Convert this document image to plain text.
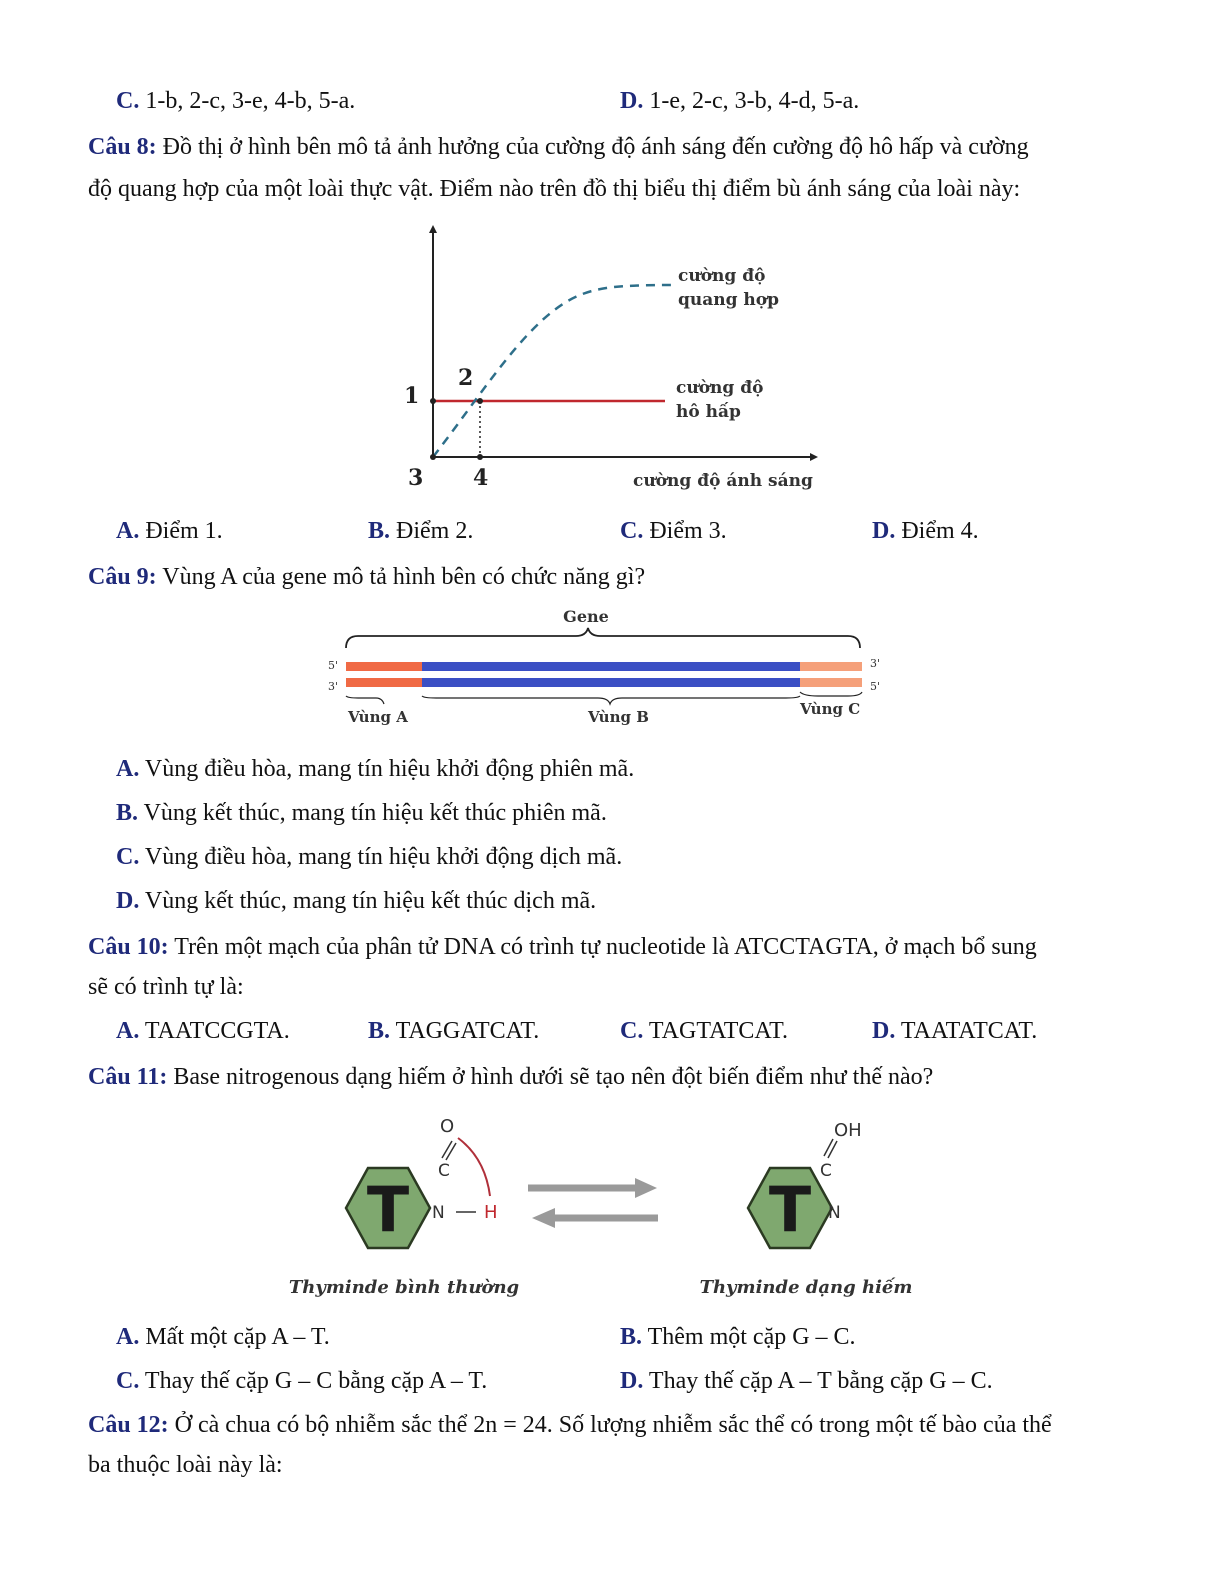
C. 1-b, 2-c, 3-e, 4-b, 5-a.	D. 1-e, 2-c, 3-b, 4-d, 5-a.
Câu 8: Đồ thị ở hình bên mô tả ảnh hưởng của cường độ ánh sáng đến cường độ hô hấp và cường
độ quang hợp của một loài thực vật. Điểm nào trên đồ thị biểu thị điểm bù ánh sáng của loài này:
1
2
3 4
cường độ
quang hợp
cường độ
hô hấp
cường độ ánh sáng
A. Điểm 1.	B. Điểm 2.	C. Điểm 3.	D. Điểm 4.
Câu 9: Vùng A của gene mô tả hình bên có chức năng gì?
Gene
5'
3'
3'
5'
Vùng A	Vùng B	Vùng C
A. Vùng điều hòa, mang tín hiệu khởi động phiên mã.
B. Vùng kết thúc, mang tín hiệu kết thúc phiên mã.
C. Vùng điều hòa, mang tín hiệu khởi động dịch mã.
D. Vùng kết thúc, mang tín hiệu kết thúc dịch mã.
Câu 10: Trên một mạch của phân tử DNA có trình tự nucleotide là ATCCTAGTA, ở mạch bổ sung
sẽ có trình tự là:
A. TAATCCGTA.	B. TAGGATCAT.	C. TAGTATCAT.	D. TAATATCAT.
Câu 11: Base nitrogenous dạng hiếm ở hình dưới sẽ tạo nên đột biến điểm như thế nào?
T
C
O
N H	T
C
OH
N
Thyminde bình thường	Thyminde dạng hiếm
A. Mất một cặp A – T.	B. Thêm một cặp G – C.
C. Thay thế cặp G – C bằng cặp A – T.	D. Thay thế cặp A – T bằng cặp G – C.
Câu 12: Ở cà chua có bộ nhiễm sắc thể 2n = 24. Số lượng nhiễm sắc thể có trong một tế bào của thể
ba thuộc loài này là:
